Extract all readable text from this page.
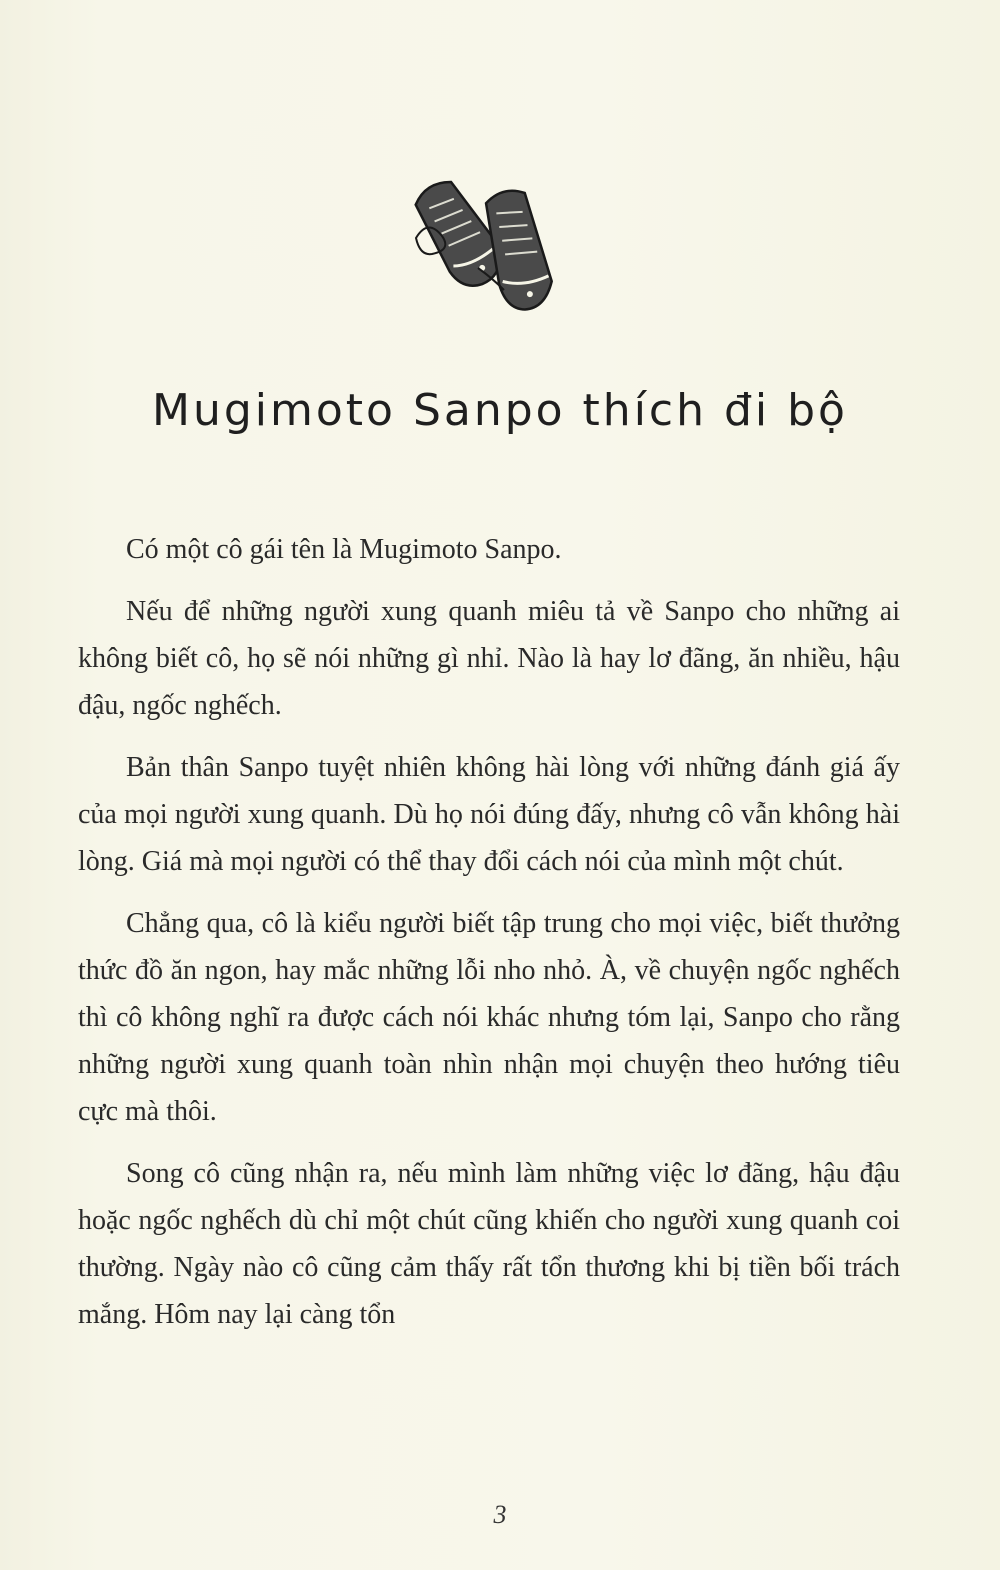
Mugimoto Sanpo thích đi bộ

Có một cô gái tên là Mugimoto Sanpo.

Nếu để những người xung quanh miêu tả về Sanpo cho những ai không biết cô, họ sẽ nói những gì nhỉ. Nào là hay lơ đãng, ăn nhiều, hậu đậu, ngốc nghếch.

Bản thân Sanpo tuyệt nhiên không hài lòng với những đánh giá ấy của mọi người xung quanh. Dù họ nói đúng đấy, nhưng cô vẫn không hài lòng. Giá mà mọi người có thể thay đổi cách nói của mình một chút.

Chẳng qua, cô là kiểu người biết tập trung cho mọi việc, biết thưởng thức đồ ăn ngon, hay mắc những lỗi nho nhỏ. À, về chuyện ngốc nghếch thì cô không nghĩ ra được cách nói khác nhưng tóm lại, Sanpo cho rằng những người xung quanh toàn nhìn nhận mọi chuyện theo hướng tiêu cực mà thôi.

Song cô cũng nhận ra, nếu mình làm những việc lơ đãng, hậu đậu hoặc ngốc nghếch dù chỉ một chút cũng khiến cho người xung quanh coi thường. Ngày nào cô cũng cảm thấy rất tổn thương khi bị tiền bối trách mắng. Hôm nay lại càng tổn

3
